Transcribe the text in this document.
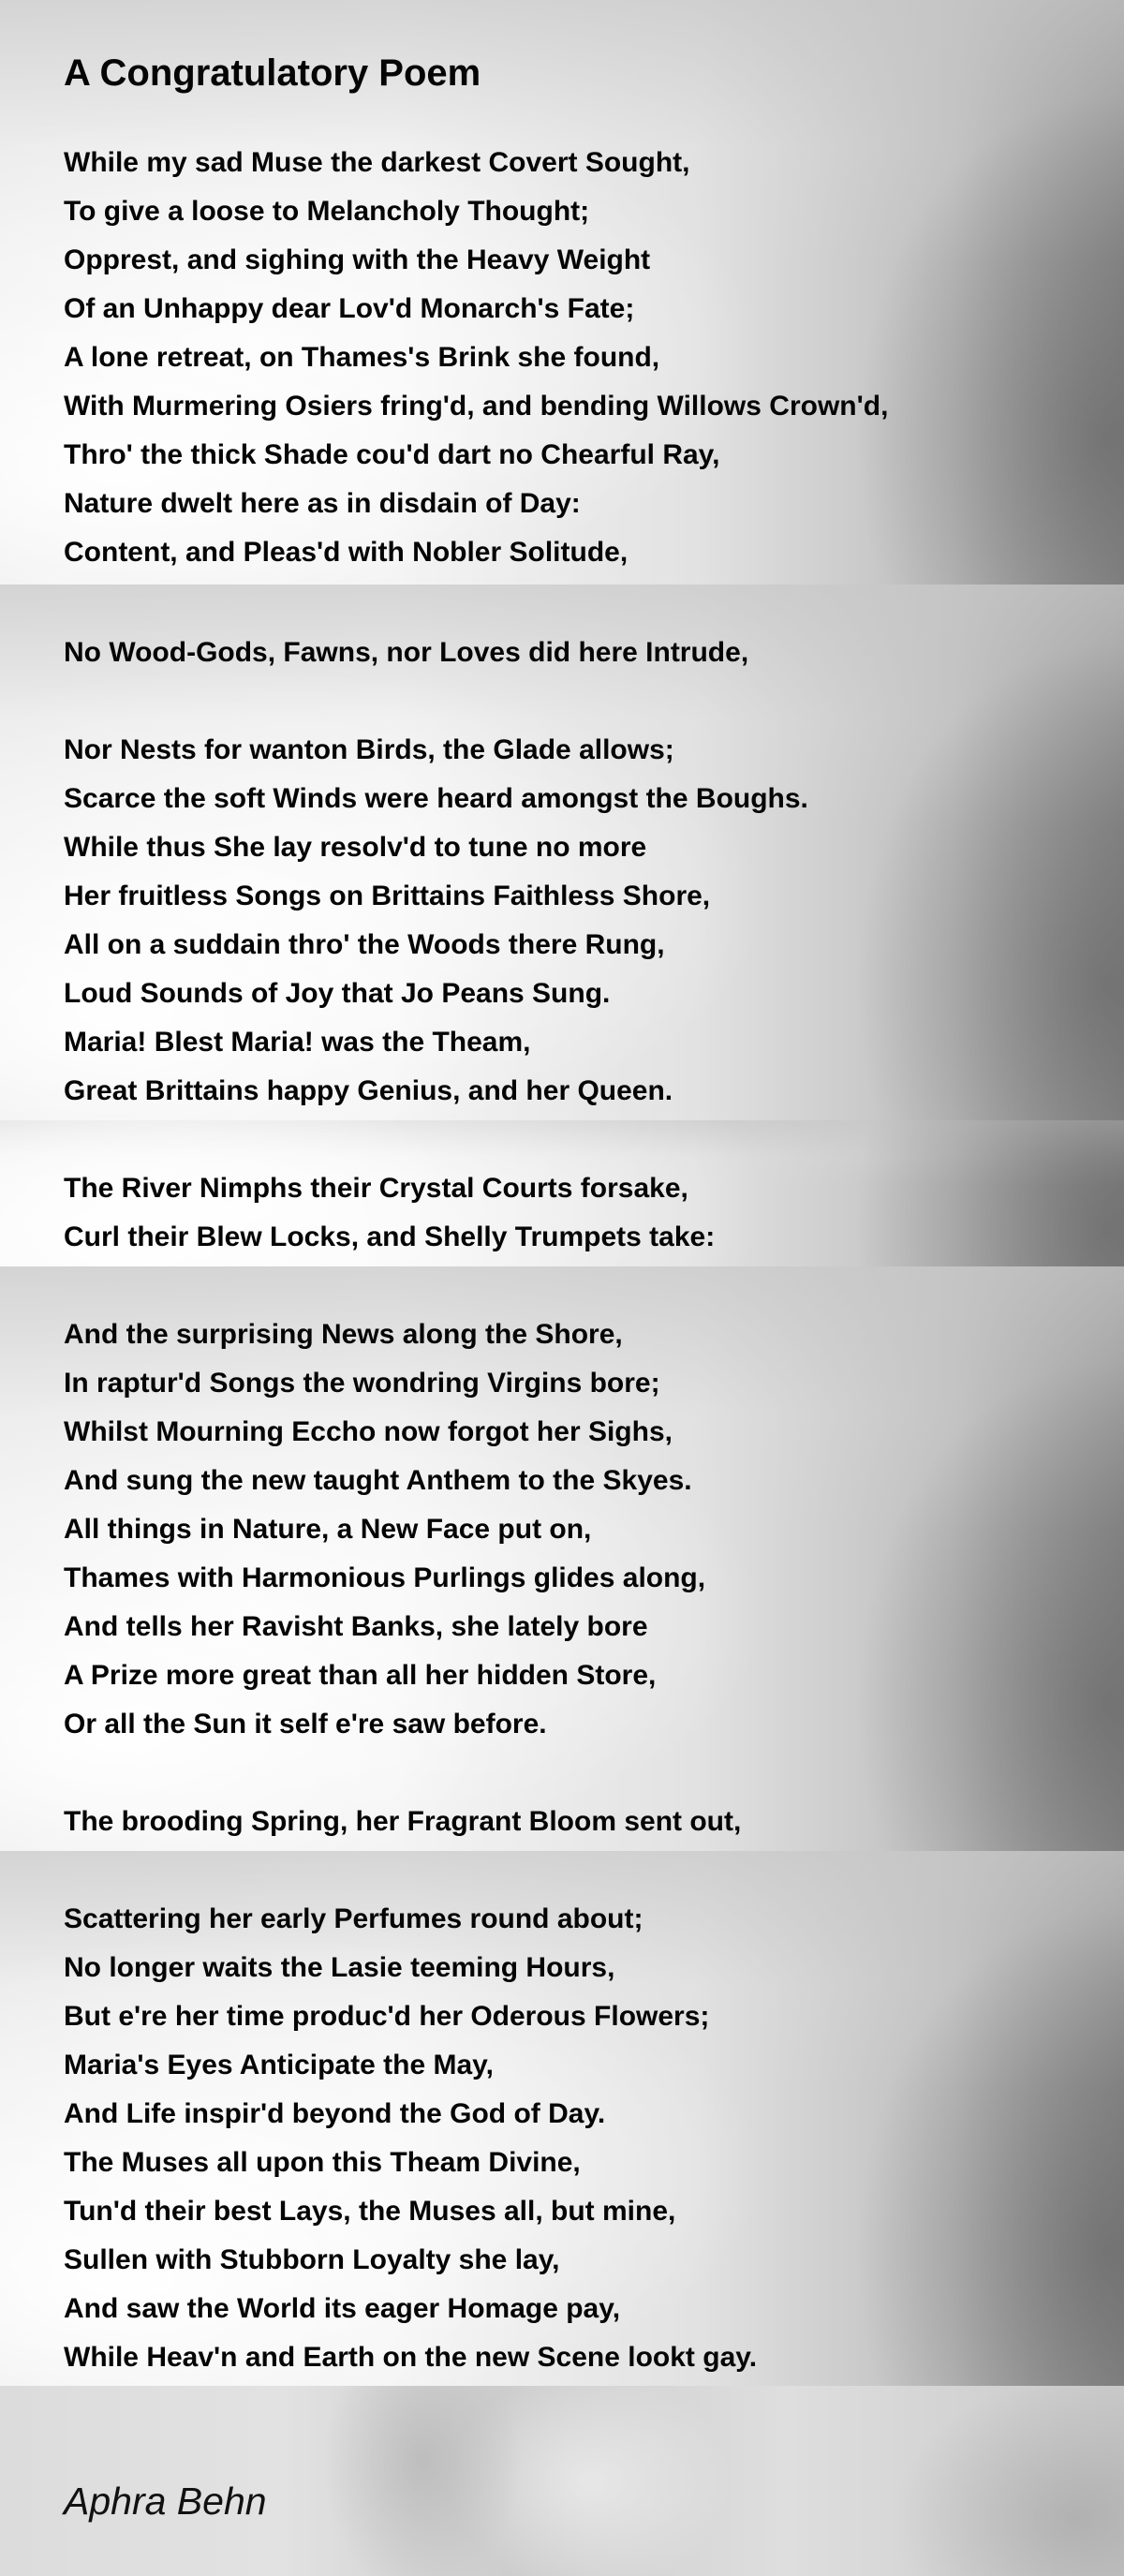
A Congratulatory Poem
While my sad Muse the darkest Covert Sought,
To give a loose to Melancholy Thought;
Opprest, and sighing with the Heavy Weight
Of an Unhappy dear Lov'd Monarch's Fate;
A lone retreat, on Thames's Brink she found,
With Murmering Osiers fring'd, and bending Willows Crown'd,
Thro' the thick Shade cou'd dart no Chearful Ray,
Nature dwelt here as in disdain of Day:
Content, and Pleas'd with Nobler Solitude,
No Wood-Gods, Fawns, nor Loves did here Intrude,
Nor Nests for wanton Birds, the Glade allows;
Scarce the soft Winds were heard amongst the Boughs.
While thus She lay resolv'd to tune no more
Her fruitless Songs on Brittains Faithless Shore,
All on a suddain thro' the Woods there Rung,
Loud Sounds of Joy that Jo Peans Sung.
Maria! Blest Maria! was the Theam,
Great Brittains happy Genius, and her Queen.
The River Nimphs their Crystal Courts forsake,
Curl their Blew Locks, and Shelly Trumpets take:
And the surprising News along the Shore,
In raptur'd Songs the wondring Virgins bore;
Whilst Mourning Eccho now forgot her Sighs,
And sung the new taught Anthem to the Skyes.
All things in Nature, a New Face put on,
Thames with Harmonious Purlings glides along,
And tells her Ravisht Banks, she lately bore
A Prize more great than all her hidden Store,
Or all the Sun it self e're saw before.
The brooding Spring, her Fragrant Bloom sent out,
Scattering her early Perfumes round about;
No longer waits the Lasie teeming Hours,
But e're her time produc'd her Oderous Flowers;
Maria's Eyes Anticipate the May,
And Life inspir'd beyond the God of Day.
The Muses all upon this Theam Divine,
Tun'd their best Lays, the Muses all, but mine,
Sullen with Stubborn Loyalty she lay,
And saw the World its eager Homage pay,
While Heav'n and Earth on the new Scene lookt gay.
Aphra Behn
